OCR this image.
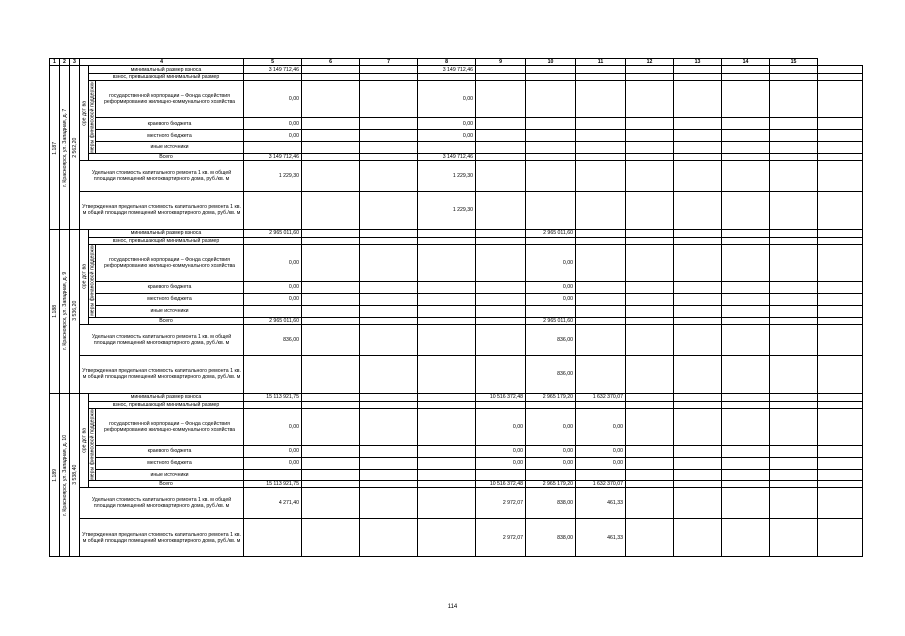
1	2	3	4			5	6	7	8	9	10	11	12	13	14	15	
1.187	г. Красноярск, ул. Западная, д. 7	2 562,20	сре дст ва	минимальный размер взноса		3 149 712,46			3 149 712,46								
				взнос, превышающий минимальный размер													
				меры финансовой поддержки	государственной корпорации – Фонда содействия реформированию жилищно-коммунального хозяйства	0,00			0,00								
					краевого бюджета	0,00			0,00								
					местного бюджета	0,00			0,00								
					иные источники												
				Всего		3 149 712,46			3 149 712,46								
			Удельная стоимость капитального ремонта 1 кв. м общей площади помещений многоквартирного дома, руб./кв. м			1 229,30			1 229,30								
			Утвержденная предельная стоимость капитального ремонта 1 кв. м общей площади помещений многоквартирного дома, руб./кв. м						1 229,30								
1.188	г. Красноярск, ул. Западная, д. 9	3 536,20	сре дст ва	минимальный размер взноса		2 965 011,60					2 965 011,60						
				взнос, превышающий минимальный размер													
				меры финансовой поддержки	государственной корпорации – Фонда содействия реформированию жилищно-коммунального хозяйства	0,00					0,00						
					краевого бюджета	0,00					0,00						
					местного бюджета	0,00					0,00						
					иные источники												
				Всего		2 965 011,60					2 965 011,60						
			Удельная стоимость капитального ремонта 1 кв. м общей площади помещений многоквартирного дома, руб./кв. м			836,00					836,00						
			Утвержденная предельная стоимость капитального ремонта 1 кв. м общей площади помещений многоквартирного дома, руб./кв. м								836,00						
1.189	г. Красноярск, ул. Западная, д. 10	3 538,40	сре дст ва	минимальный размер взноса		15 113 921,75				10 516 372,48	2 965 179,20	1 632 370,07					
				взнос, превышающий минимальный размер													
				меры финансовой поддержки	государственной корпорации – Фонда содействия реформированию жилищно-коммунального хозяйства	0,00				0,00	0,00	0,00					
					краевого бюджета	0,00				0,00	0,00	0,00					
					местного бюджета	0,00				0,00	0,00	0,00					
					иные источники												
				Всего		15 113 921,75				10 516 372,48	2 965 179,20	1 632 370,07					
			Удельная стоимость капитального ремонта 1 кв. м общей площади помещений многоквартирного дома, руб./кв. м			4 271,40				2 972,07	838,00	461,33					
			Утвержденная предельная стоимость капитального ремонта 1 кв. м общей площади помещений многоквартирного дома, руб./кв. м							2 972,07	838,00	461,33					
114
